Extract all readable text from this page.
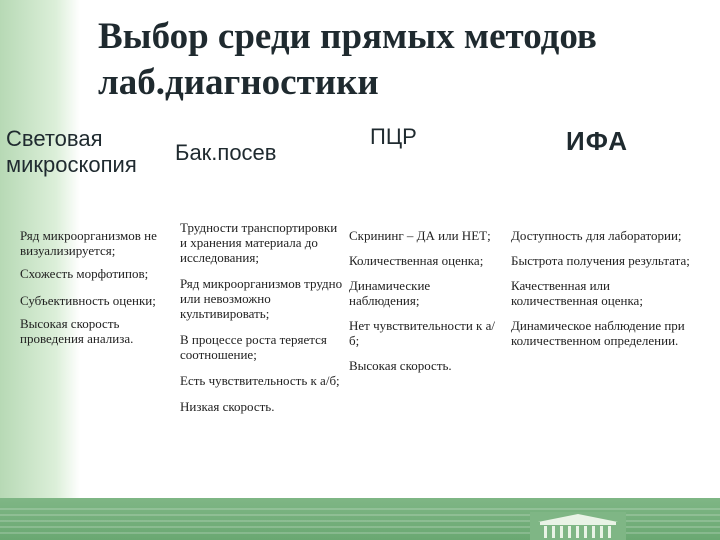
Выбор среди прямых методов
лаб.диагностики
Световая
микроскопия	Бак.посев
ПЦР	ИФА

Ряд микроорганизмов не визуализируется;

Схожесть морфотипов;

Субъективность оценки;

Высокая скорость проведения анализа.

Трудности транспортировки и хранения материала до исследования;

Ряд микроорганизмов трудно или невозможно культивировать;

В процессе роста теряется соотношение;

Есть чувствительность к а/б;

Низкая скорость.

Скрининг – ДА или НЕТ;

Количественная оценка;

Динамические наблюдения;

Нет чувствительности к а/б;

Высокая скорость.

Доступность для лаборатории;

Быстрота получения результата;

Качественная или количественная оценка;

Динамическое наблюдение при количественном определении.
